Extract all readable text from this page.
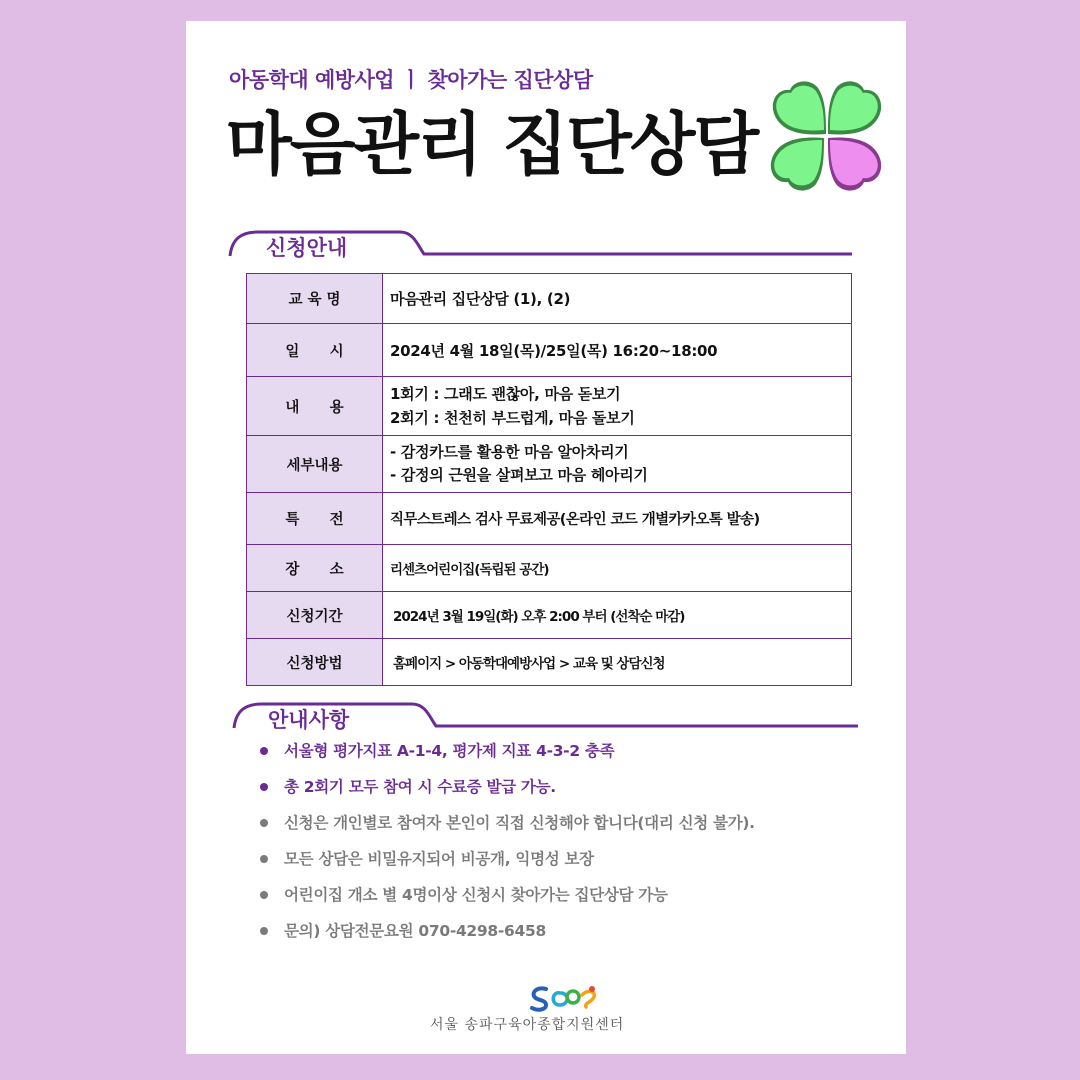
아동학대 예방사업 ㅣ 찾아가는 집단상담
마음관리 집단상담
신청안내
교 육 명	마음관리 집단상담 (1), (2)
일      시	2024년 4월 18일(목)/25일(목) 16:20~18:00
내      용	1회기 : 그래도 괜찮아, 마음 돋보기
2회기 : 천천히 부드럽게, 마음 돌보기

세부내용	- 감정카드를 활용한 마음 알아차리기
- 감정의 근원을 살펴보고 마음 헤아리기

특      전	직무스트레스 검사 무료제공(온라인 코드 개별카카오톡 발송)
장      소	리센츠어린이집(독립된 공간)
신청기간	2024년 3월 19일(화) 오후 2:00 부터 (선착순 마감)
신청방법	홈페이지 > 아동학대예방사업 > 교육 및 상담신청
안내사항
서울형 평가지표 A-1-4, 평가제 지표 4-3-2 충족
총 2회기 모두 참여 시 수료증 발급 가능.
신청은 개인별로 참여자 본인이 직접 신청해야 합니다(대리 신청 불가).
모든 상담은 비밀유지되어 비공개, 익명성 보장
어린이집 개소 별 4명이상 신청시 찾아가는 집단상담 가능
문의) 상담전문요원 070-4298-6458
서울 송파구육아종합지원센터
